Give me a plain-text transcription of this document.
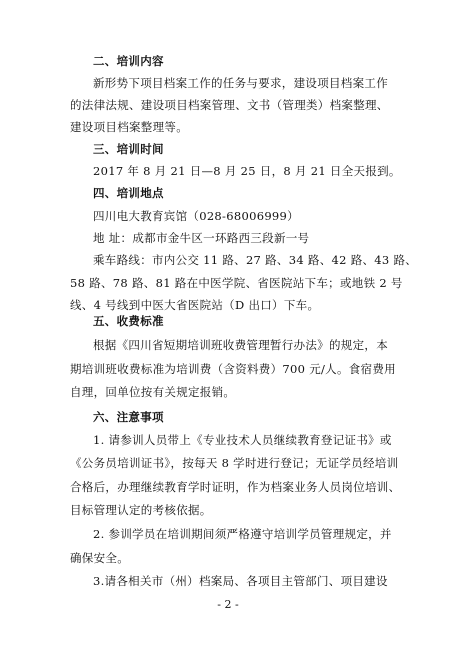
二、培训内容
新形势下项目档案工作的任务与要求，建设项目档案工作
的法律法规、建设项目档案管理、文书（管理类）档案整理、
建设项目档案整理等。
三、培训时间
2017 年 8 月 21 日—8 月 25 日，8 月 21 日全天报到。
四、培训地点
四川电大教育宾馆（028-68006999）
地 址：成都市金牛区一环路西三段新一号
乘车路线：市内公交 11 路、27 路、34 路、42 路、43 路、
58 路、78 路、81 路在中医学院、省医院站下车；或地铁 2 号
线、4 号线到中医大省医院站（D 出口）下车。
五、收费标准
根据《四川省短期培训班收费管理暂行办法》的规定，本
期培训班收费标准为培训费（含资料费）700 元/人。食宿费用
自理，回单位按有关规定报销。
六、注意事项
1. 请参训人员带上《专业技术人员继续教育登记证书》或
《公务员培训证书》，按每天 8 学时进行登记；无证学员经培训
合格后，办理继续教育学时证明，作为档案业务人员岗位培训、
目标管理认定的考核依据。
2. 参训学员在培训期间须严格遵守培训学员管理规定，并
确保安全。
3.请各相关市（州）档案局、各项目主管部门、项目建设
- 2 -
